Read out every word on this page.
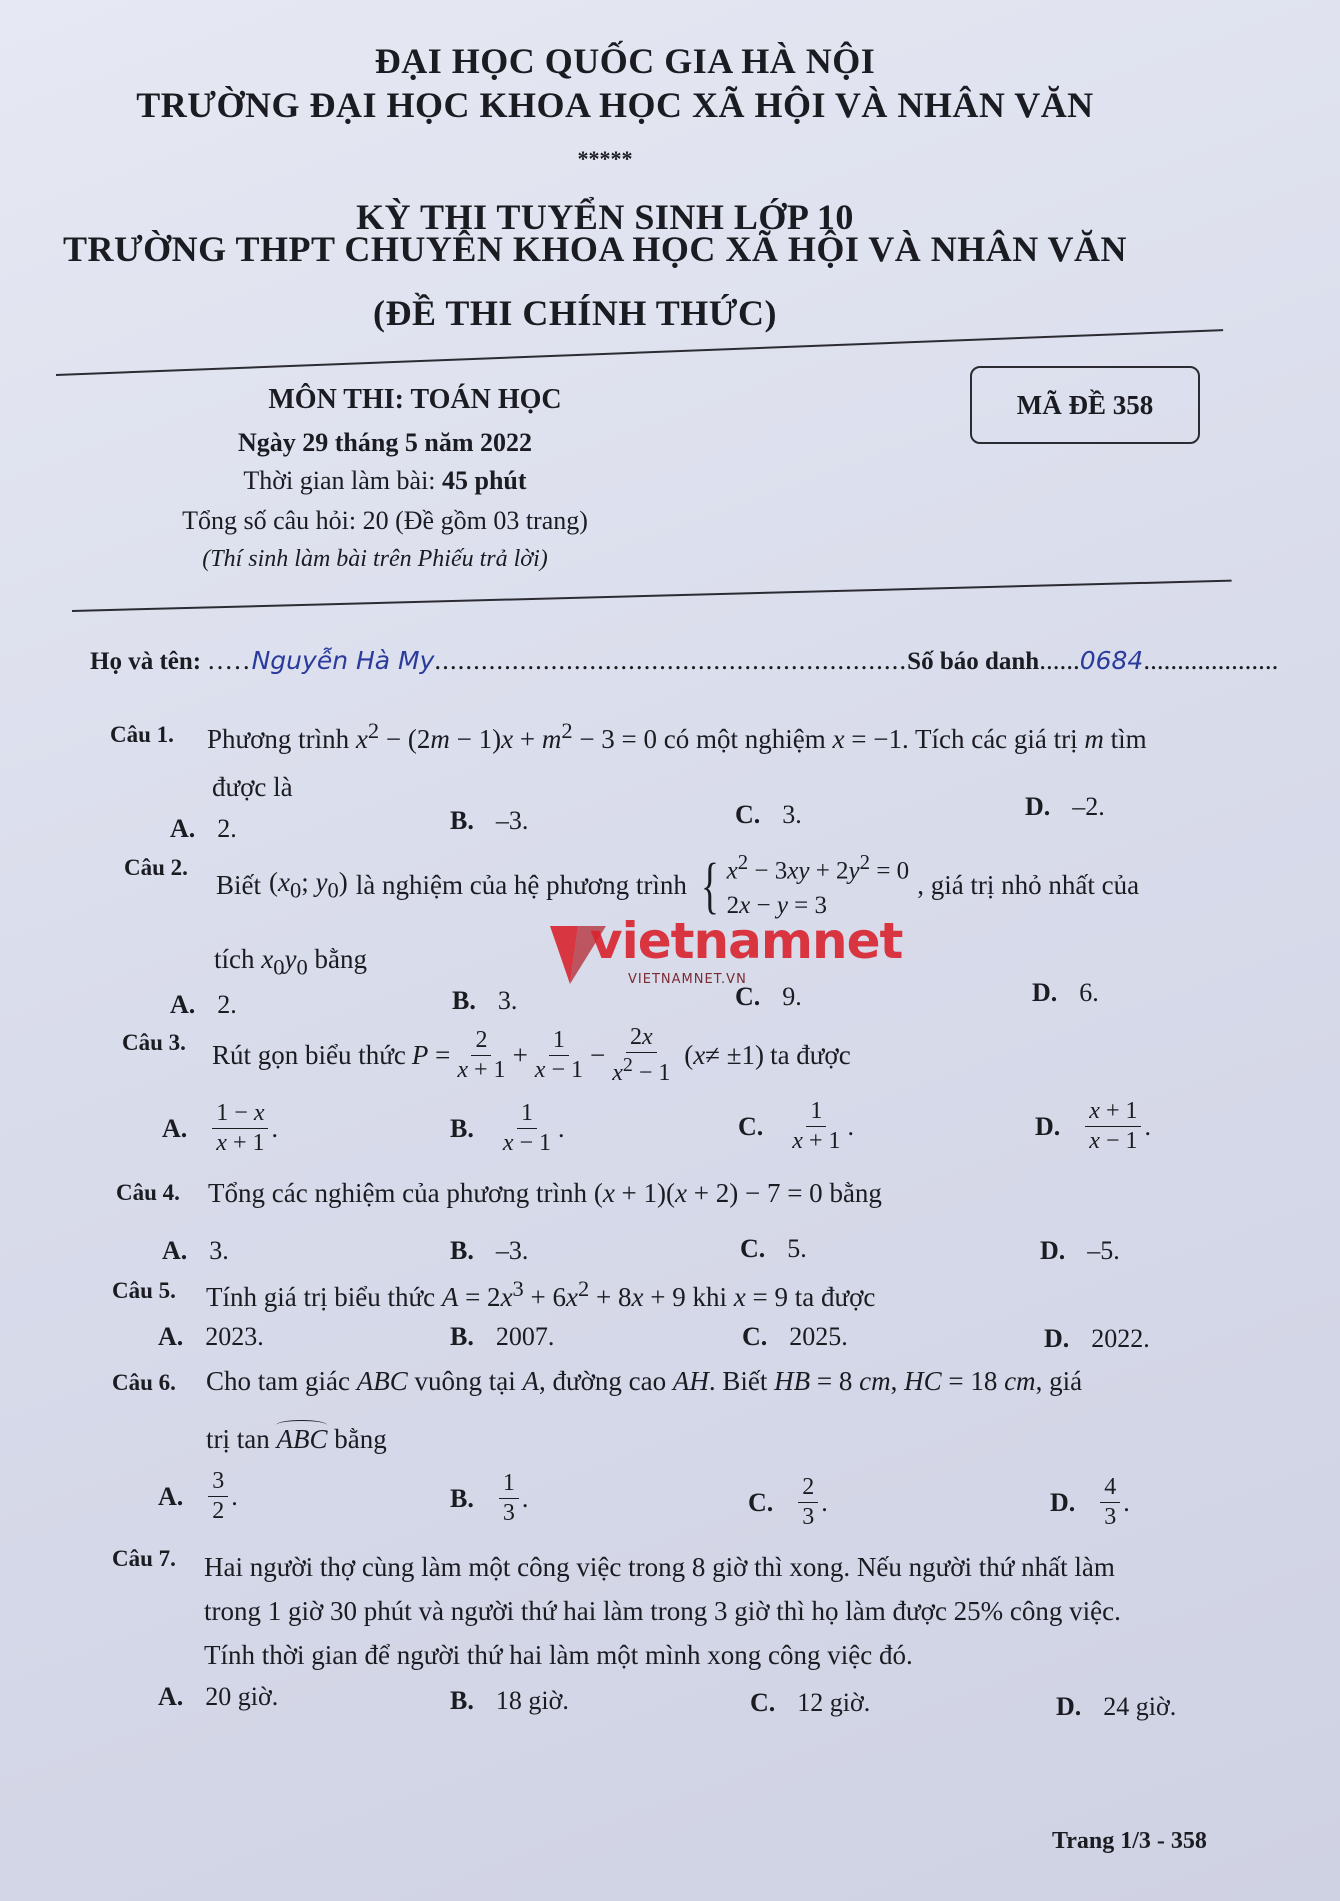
ĐẠI HỌC QUỐC GIA HÀ NỘI
TRƯỜNG ĐẠI HỌC KHOA HỌC XÃ HỘI VÀ NHÂN VĂN
*****
KỲ THI TUYỂN SINH LỚP 10
TRƯỜNG THPT CHUYÊN KHOA HỌC XÃ HỘI VÀ NHÂN VĂN
(ĐỀ THI CHÍNH THỨC)
MÔN THI: TOÁN HỌC
Ngày 29 tháng 5 năm 2022
Thời gian làm bài: 45 phút
Tổng số câu hỏi: 20 (Đề gồm 03 trang)
(Thí sinh làm bài trên Phiếu trả lời)
MÃ ĐỀ 358
Họ và tên: .....Nguyễn Hà My.............................................................Số báo danh......0684....................
Câu 1. Phương trình $x^2 - (2m - 1)x + m^2 - 3 = 0$ có một nghiệm x = −1. Tích các giá trị m tìm
được là
A. 2.	B. –3.	C. 3.	D. –2.
Câu 2.
Biết ($x_0$; $y_0$) là nghiệm của hệ phương trình { $x^2 - 3xy + 2y^2 = 0$
2x − y = 3
, giá trị nhỏ nhất của
tích $x_0y_0$ bằng
A. 2.	B. 3.	C. 9.	D. 6.
vietnamnet
VIETNAMNET.VN
Câu 3. Rút gọn biểu thức $P = \frac{2}{x + 1} + \frac{1}{x - 1} - \frac{2x}{x^2 - 1}$ ( x ≠ ±1) ta được
A. $\frac{1 - x}{x + 1}$ .	B. $\frac{1}{x - 1}$ .	C. $\frac{1}{x + 1}$ .	D. $\frac{x + 1}{x - 1}$ .
Câu 4. Tổng các nghiệm của phương trình (x + 1)(x + 2) − 7 = 0 bằng
A. 3.	B. –3.	C. 5.	D. –5.
Câu 5. Tính giá trị biểu thức $A = 2x^3 + 6x^2 + 8x + 9$ khi x = 9 ta được
A. 2023.	B. 2007.	C. 2025.	D. 2022.
Câu 6. Cho tam giác ABC vuông tại A, đường cao AH. Biết HB = 8 cm, HC = 18 cm, giá
trị tan ABC bằng
A. $\frac{3}{2}$ .	B. $\frac{1}{3}$ .	C. $\frac{2}{3}$ .	D. $\frac{4}{3}$ .
Câu 7. Hai người thợ cùng làm một công việc trong 8 giờ thì xong. Nếu người thứ nhất làm
trong 1 giờ 30 phút và người thứ hai làm trong 3 giờ thì họ làm được 25% công việc.
Tính thời gian để người thứ hai làm một mình xong công việc đó.
A. 20 giờ.	B. 18 giờ.	C. 12 giờ.	D. 24 giờ.
Trang 1/3 - 358
